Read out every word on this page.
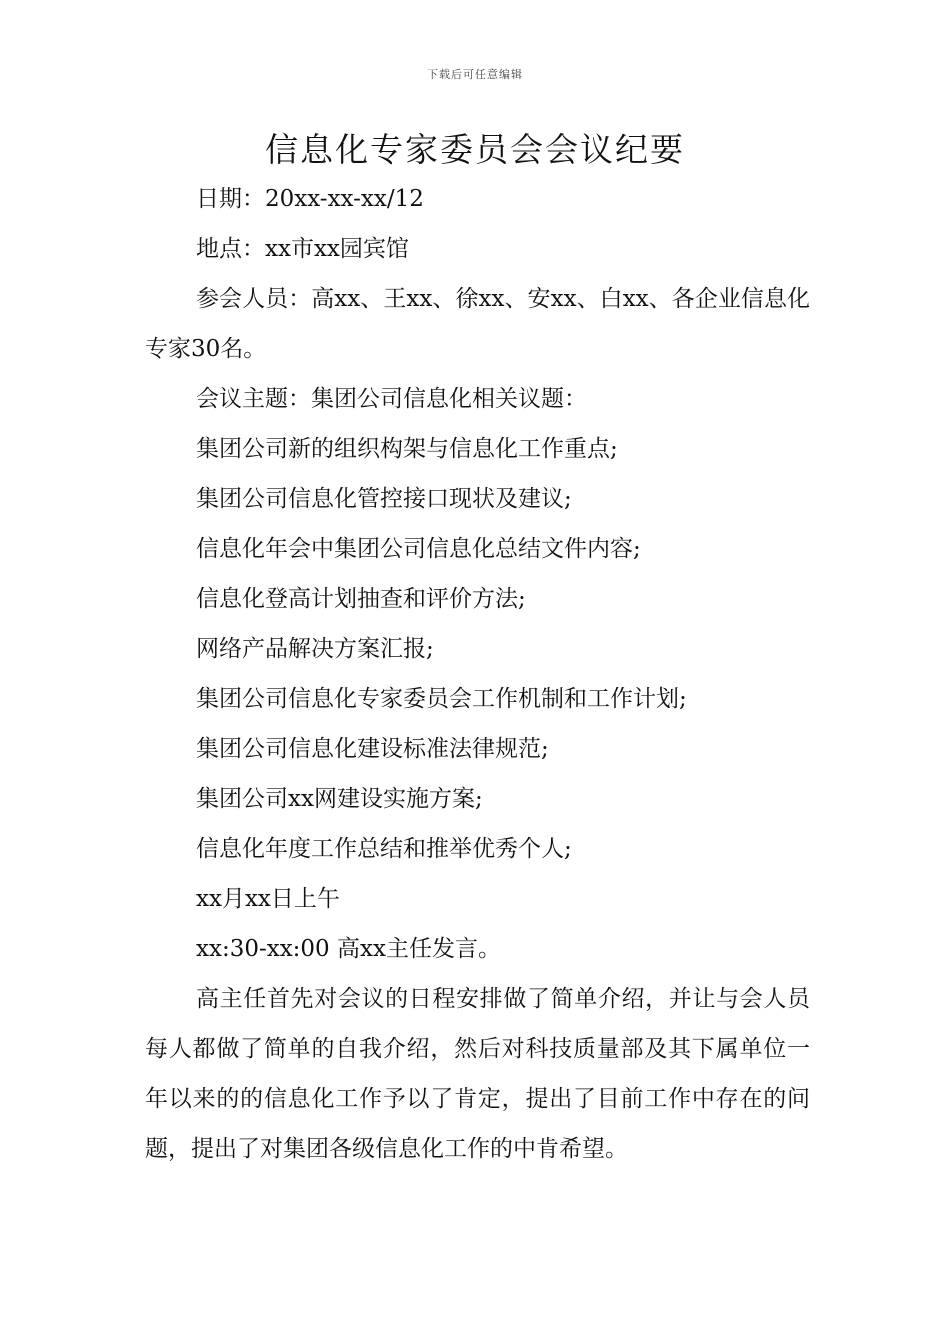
下载后可任意编辑
信息化专家委员会会议纪要

日期：20xx-xx-xx/12

地点：xx市xx园宾馆

参会人员：高xx、王xx、徐xx、安xx、白xx、各企业信息化专家30名。

会议主题：集团公司信息化相关议题：

集团公司新的组织构架与信息化工作重点;

集团公司信息化管控接口现状及建议;

信息化年会中集团公司信息化总结文件内容;

信息化登高计划抽查和评价方法;

网络产品解决方案汇报;

集团公司信息化专家委员会工作机制和工作计划;

集团公司信息化建设标准法律规范;

集团公司xx网建设实施方案;

信息化年度工作总结和推举优秀个人;

xx月xx日上午

xx:30-xx:00 高xx主任发言。

高主任首先对会议的日程安排做了简单介绍，并让与会人员每人都做了简单的自我介绍，然后对科技质量部及其下属单位一年以来的的信息化工作予以了肯定，提出了目前工作中存在的问题，提出了对集团各级信息化工作的中肯希望。
